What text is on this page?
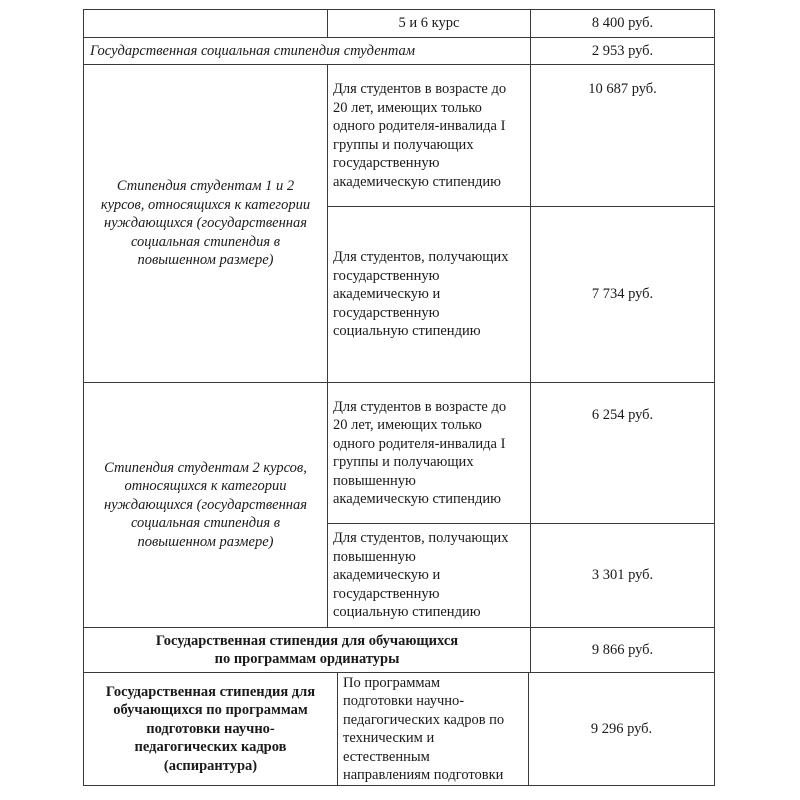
5 и 6 курс	8 400 руб.
Государственная социальная стипендия студентам	2 953 руб.
Стипендия студентам 1 и 2
курсов, относящихся к категории
нуждающихся (государственная
социальная стипендия в
повышенном размере)
Для студентов в возрасте до
20 лет, имеющих только
одного родителя-инвалида I
группы и получающих
государственную
академическую стипендию
10 687 руб.
Для студентов, получающих
государственную
академическую и
государственную
социальную стипендию
7 734 руб.
Стипендия студентам 2 курсов,
относящихся к категории
нуждающихся (государственная
социальная стипендия в
повышенном размере)
Для студентов в возрасте до
20 лет, имеющих только
одного родителя-инвалида I
группы и получающих
повышенную
академическую стипендию
6 254 руб.
Для студентов, получающих
повышенную
академическую и
государственную
социальную стипендию
3 301 руб.
Государственная стипендия для обучающихся
по программам ординатуры
9 866 руб.
Государственная стипендия для
обучающихся по программам
подготовки научно-
педагогических кадров
(аспирантура)
По программам
подготовки научно-
педагогических кадров по
техническим и
естественным
направлениям подготовки
9 296 руб.
